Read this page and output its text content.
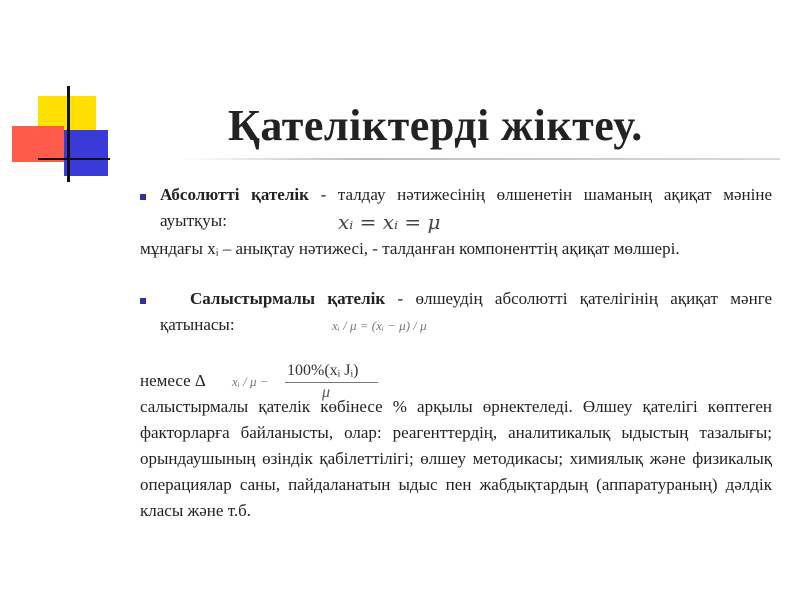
Қателіктерді жіктеу.
Абсолютті қателік - талдау нәтижесінің өлшенетін шаманың ақиқат мәніне ауытқуы:	xᵢ = xᵢ = μ
мұндағы xᵢ – анықтау нәтижесі, - талданған компоненттің ақиқат мөлшері.
Салыстырмалы қателік - өлшеудің абсолютті қателігінің ақиқат мәнге қатынасы:	xᵢ / μ = (xᵢ − μ) / μ
немесе Δ xᵢ / μ −
100%(xᵢ Jᵢ)
μ
салыстырмалы қателік көбінесе % арқылы өрнектеледі. Өлшеу қателігі көптеген факторларға байланысты, олар: реагенттердің, аналитикалық ыдыстың тазалығы; орындаушының өзіндік қабілеттілігі; өлшеу методикасы; химиялық және физикалық операциялар саны, пайдаланатын ыдыс пен жабдықтардың (аппаратураның) дәлдік класы және т.б.
